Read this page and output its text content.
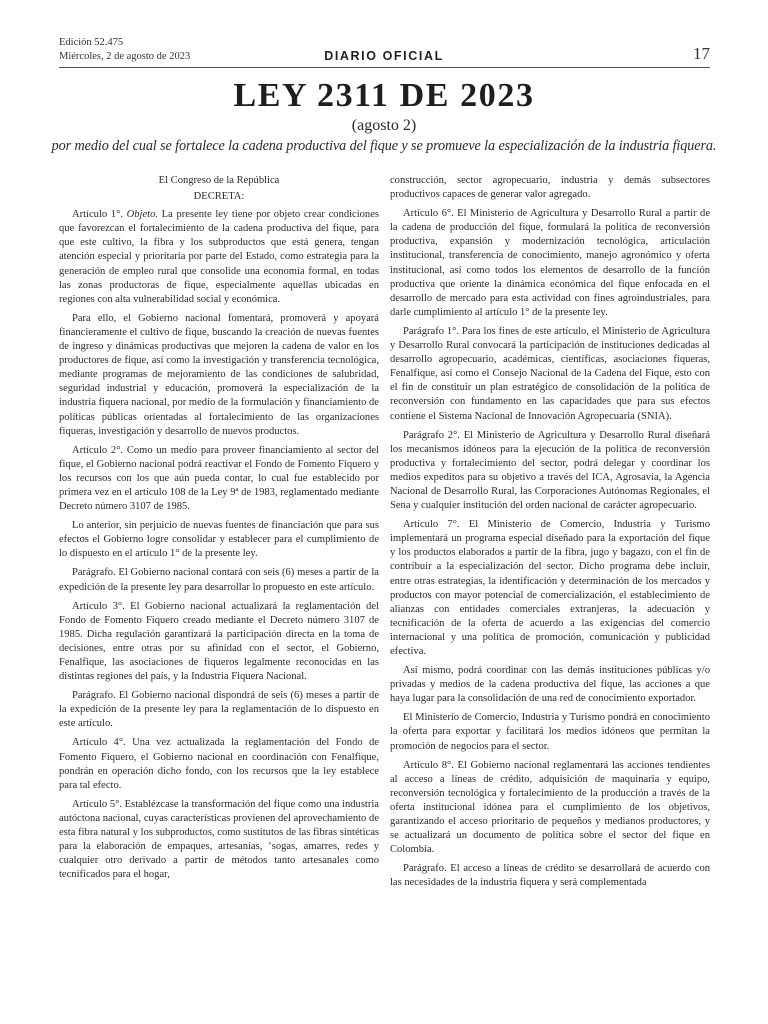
Edición 52.475
Miércoles, 2 de agosto de 2023	DIARIO OFICIAL	17
LEY 2311 DE 2023
(agosto 2)
por medio del cual se fortalece la cadena productiva del fique y se promueve la especialización de la industria fiquera.
El Congreso de la República
DECRETA:

Artículo 1°. Objeto. La presente ley tiene por objeto crear condiciones que favorezcan el fortalecimiento de la cadena productiva del fique, para que este cultivo, la fibra y los subproductos que está genera, tengan atención especial y prioritaria por parte del Estado, como estrategia para la generación de empleo rural que consolide una economía formal, en todas las zonas productoras de fique, especialmente aquellas ubicadas en regiones con alta vulnerabilidad social y económica.

Para ello, el Gobierno nacional fomentará, promoverá y apoyará financieramente el cultivo de fique, buscando la creación de nuevas fuentes de ingreso y dinámicas productivas que mejoren la cadena de valor en los productores de fique, así como la investigación y transferencia tecnológica, mediante programas de mejoramiento de las condiciones de salubridad, seguridad industrial y educación, promoverá la especialización de la industria fiquera nacional, por medio de la formulación y financiamiento de políticas públicas orientadas al fortalecimiento de las organizaciones fiqueras, investigación y desarrollo de nuevos productos.

Artículo 2°. Como un medio para proveer financiamiento al sector del fique, el Gobierno nacional podrá reactivar el Fondo de Fomento Fiquero y los recursos con los que aún pueda contar, lo cual fue establecido por primera vez en el artículo 108 de la Ley 9ª de 1983, reglamentado mediante Decreto número 3107 de 1985.

Lo anterior, sin perjuicio de nuevas fuentes de financiación que para sus efectos el Gobierno logre consolidar y establecer para el cumplimiento de lo dispuesto en el artículo 1° de la presente ley.

Parágrafo. El Gobierno nacional contará con seis (6) meses a partir de la expedición de la presente ley para desarrollar lo propuesto en este artículo.

Artículo 3°. El Gobierno nacional actualizará la reglamentación del Fondo de Fomento Fiquero creado mediante el Decreto número 3107 de 1985. Dicha regulación garantizará la participación directa en la toma de decisiones, entre otras por su afinidad con el sector, el Gobierno, Fenalfique, las asociaciones de fiqueros legalmente reconocidas en las distintas regiones del país, y la Industria Fiquera Nacional.

Parágrafo. El Gobierno nacional dispondrá de seis (6) meses a partir de la expedición de la presente ley para la reglamentación de lo dispuesto en este artículo.

Artículo 4°. Una vez actualizada la reglamentación del Fondo de Fomento Fiquero, el Gobierno nacional en coordinación con Fenalfique, pondrán en operación dicho fondo, con los recursos que la ley establece para tal efecto.

Artículo 5°. Establézcase la transformación del fique como una industria autóctona nacional, cuyas características provienen del aprovechamiento de esta fibra natural y los subproductos, como sustitutos de las fibras sintéticas para la elaboración de empaques, artesanías, ‘sogas, amarres, redes y cualquier otro derivado a partir de métodos tanto artesanales como tecnificados para el hogar,

construcción, sector agropecuario, industria y demás subsectores productivos capaces de generar valor agregado.

Artículo 6°. El Ministerio de Agricultura y Desarrollo Rural a partir de la cadena de producción del fique, formulará la política de reconversión productiva, expansión y modernización tecnológica, articulación institucional, transferencia de conocimiento, manejo agronómico y oferta institucional, así como todos los elementos de desarrollo de la función productiva que oriente la dinámica económica del fique enfocada en el desarrollo de mercado para esta actividad con fines agroindustriales, para darle cumplimiento al artículo 1° de la presente ley.

Parágrafo 1°. Para los fines de este artículo, el Ministerio de Agricultura y Desarrollo Rural convocará la participación de instituciones dedicadas al desarrollo agropecuario, académicas, científicas, asociaciones fiqueras, Fenalfique, así como el Consejo Nacional de la Cadena del Fique, esto con el fin de constituir un plan estratégico de consolidación de la política de reconversión con fundamento en las capacidades que para sus efectos contiene el Sistema Nacional de Innovación Agropecuaria (SNIA).

Parágrafo 2°. El Ministerio de Agricultura y Desarrollo Rural diseñará los mecanismos idóneos para la ejecución de la política de reconversión productiva y fortalecimiento del sector, podrá delegar y coordinar los medios expeditos para su objetivo a través del ICA, Agrosavia, la Agencia Nacional de Desarrollo Rural, las Corporaciones Autónomas Regionales, el Sena y cualquier institución del orden nacional de carácter agropecuario.

Artículo 7°. El Ministerio de Comercio, Industria y Turismo implementará un programa especial diseñado para la exportación del fique y los productos elaborados a partir de la fibra, jugo y bagazo, con el fin de contribuir a la especialización del sector. Dicho programa debe incluir, entre otras estrategias, la identificación y determinación de los mercados y productos con mayor potencial de comercialización, el establecimiento de alianzas con entidades comerciales extranjeras, la adecuación y tecnificación de la oferta de acuerdo a las exigencias del comercio internacional y una política de promoción, comunicación y publicidad efectiva.

Así mismo, podrá coordinar con las demás instituciones públicas y/o privadas y medios de la cadena productiva del fique, las acciones a que haya lugar para la consolidación de una red de conocimiento exportador.

El Ministerio de Comercio, Industria y Turismo pondrá en conocimiento la oferta para exportar y facilitará los medios idóneos que permitan la promoción de negocios para el sector.

Artículo 8°. El Gobierno nacional reglamentará las acciones tendientes al acceso a líneas de crédito, adquisición de maquinaria y equipo, reconversión tecnológica y fortalecimiento de la producción a través de la oferta institucional idónea para el cumplimiento de los objetivos, garantizando el acceso prioritario de pequeños y medianos productores, y se actualizará un documento de política sobre el sector del fique en Colombia.

Parágrafo. El acceso a líneas de crédito se desarrollará de acuerdo con las necesidades de la industria fiquera y será complementada
